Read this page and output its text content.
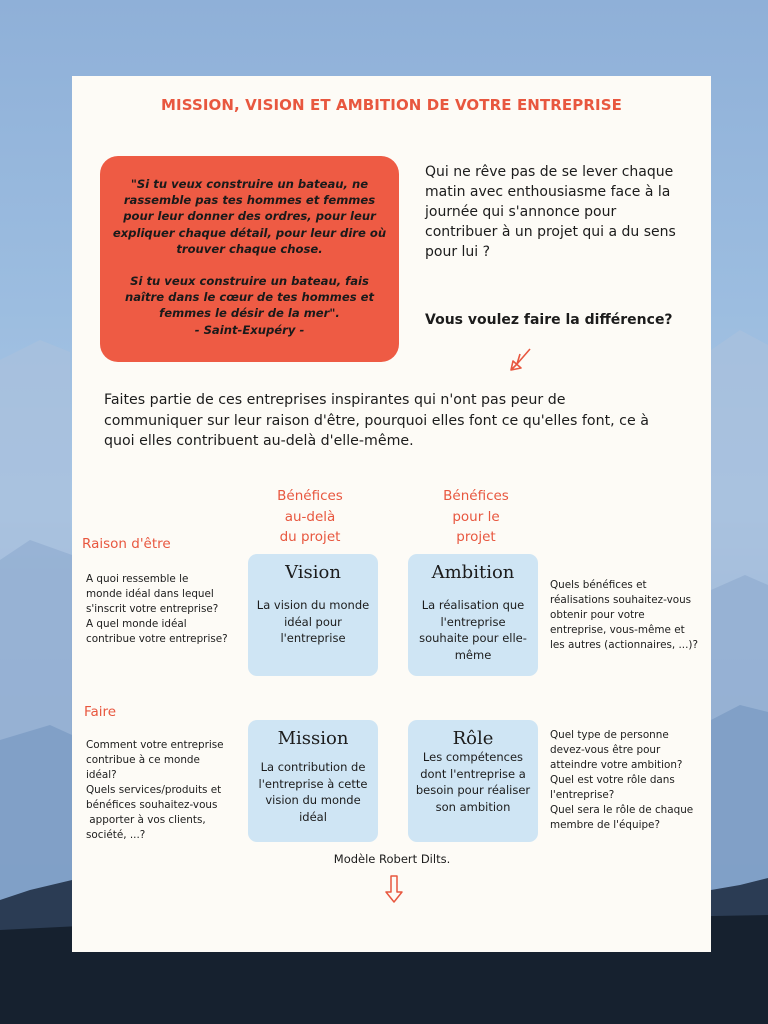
MISSION, VISION ET AMBITION DE VOTRE ENTREPRISE

"Si tu veux construire un bateau, ne rassemble pas tes hommes et femmes pour leur donner des ordres, pour leur expliquer chaque détail, pour leur dire où trouver chaque chose.

Si tu veux construire un bateau, fais naître dans le cœur de tes hommes et femmes le désir de la mer".

- Saint-Exupéry -

Qui ne rêve pas de se lever chaque matin avec enthousiasme face à la journée qui s'annonce pour contribuer à un projet qui a du sens pour lui ?
Vous voulez faire la différence?
Faites partie de ces entreprises inspirantes qui n'ont pas peur de communiquer sur leur raison d'être, pourquoi elles font ce qu'elles font, ce à quoi elles contribuent au-delà d'elle-même.
Bénéfices
au-delà
du projet
Bénéfices
pour le
projet
Raison d'être
Faire
A quoi ressemble le
monde idéal dans lequel
s'inscrit votre entreprise?
A quel monde idéal
contribue votre entreprise?
Vision
La vision du monde idéal pour l'entreprise
Ambition
La réalisation que l'entreprise souhaite pour elle-même
Quels bénéfices et
réalisations souhaitez-vous
obtenir pour votre
entreprise, vous-même et
les autres (actionnaires, ...)?
Comment votre entreprise
contribue à ce monde
idéal?
Quels services/produits et
bénéfices souhaitez-vous
apporter à vos clients,
société, ...?
Mission
La contribution de l'entreprise à cette vision du monde idéal
Rôle
Les compétences dont l'entreprise a besoin pour réaliser son ambition
Quel type de personne
devez-vous être pour
atteindre votre ambition?
Quel est votre rôle dans
l'entreprise?
Quel sera le rôle de chaque
membre de l'équipe?
Modèle Robert Dilts.
